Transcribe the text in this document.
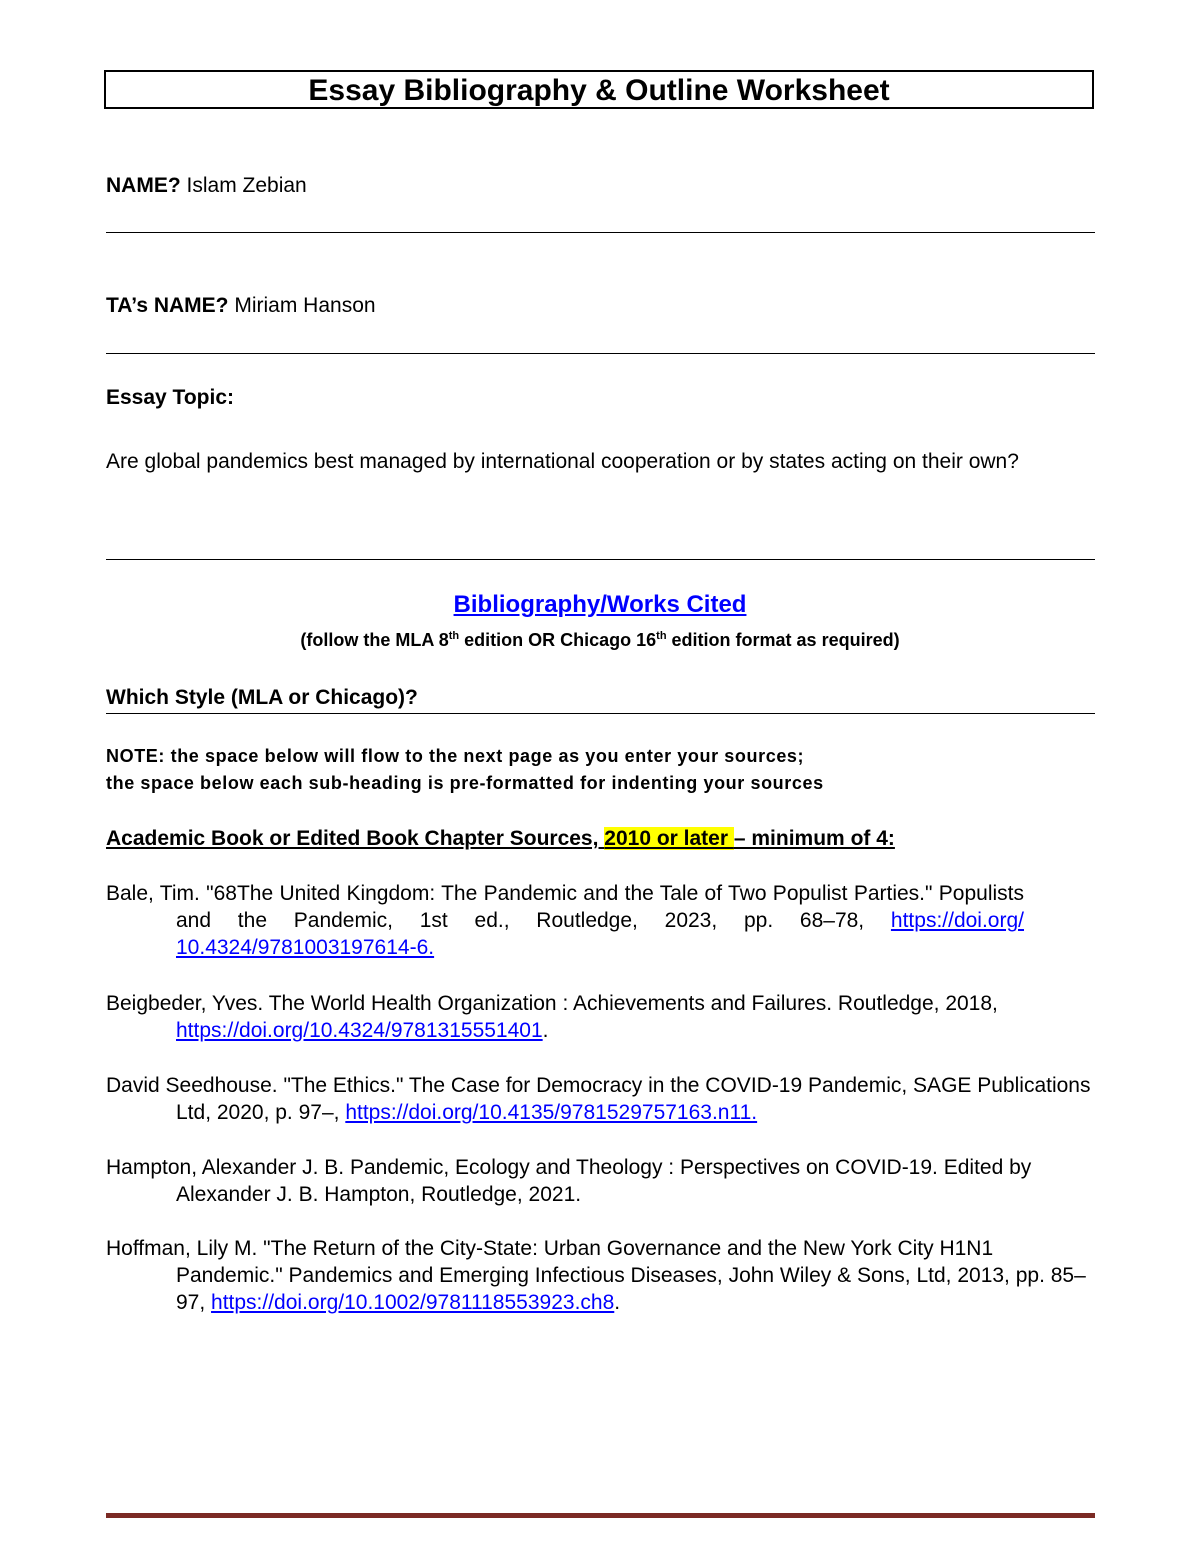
Essay Bibliography & Outline Worksheet
NAME? Islam Zebian
TA’s NAME? Miriam Hanson
Essay Topic:
Are global pandemics best managed by international cooperation or by states acting on their own?
Bibliography/Works Cited
(follow the MLA 8th edition OR Chicago 16th edition format as required)
Which Style (MLA or Chicago)?
NOTE: the space below will flow to the next page as you enter your sources;
the space below each sub-heading is pre-formatted for indenting your sources
Academic Book or Edited Book Chapter Sources, 2010 or later – minimum of 4:
Bale, Tim. "68The United Kingdom: The Pandemic and the Tale of Two Populist Parties." Populists and the Pandemic, 1st ed., Routledge, 2023, pp. 68–78, https://doi.org/ 10.4324/9781003197614-6.
Beigbeder, Yves. The World Health Organization : Achievements and Failures. Routledge, 2018, https://doi.org/10.4324/9781315551401.
David Seedhouse. "The Ethics." The Case for Democracy in the COVID-19 Pandemic, SAGE Publications Ltd, 2020, p. 97–, https://doi.org/10.4135/9781529757163.n11.
Hampton, Alexander J. B. Pandemic, Ecology and Theology : Perspectives on COVID-19. Edited by Alexander J. B. Hampton, Routledge, 2021.
Hoffman, Lily M. "The Return of the City-State: Urban Governance and the New York City H1N1 Pandemic." Pandemics and Emerging Infectious Diseases, John Wiley & Sons, Ltd, 2013, pp. 85–97, https://doi.org/10.1002/9781118553923.ch8.
